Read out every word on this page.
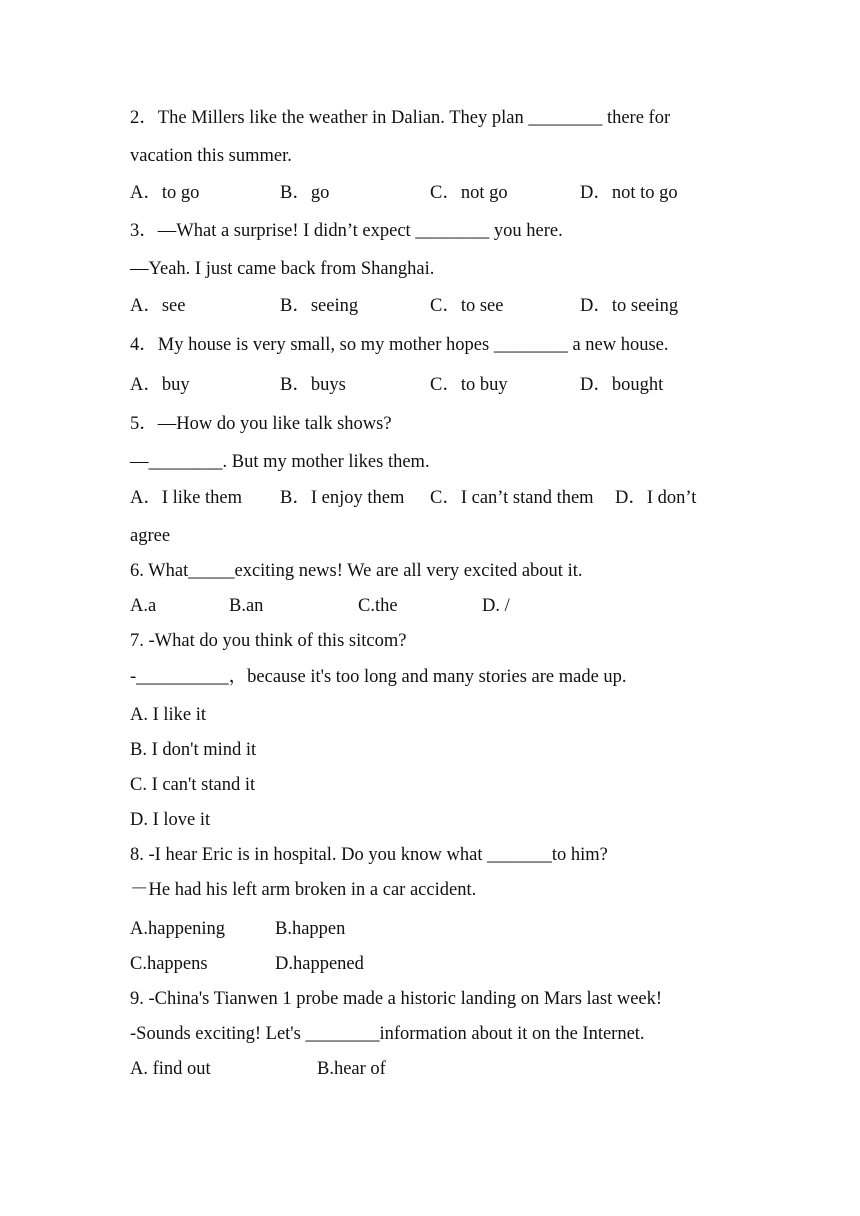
2．The Millers like the weather in Dalian. They plan ________ there for
vacation this summer.
A．to go	B．go	C．not go	D．not to go
3．—What a surprise! I didn’t expect ________ you here.
—Yeah. I just came back from Shanghai.
A．see	B．seeing	C．to see	D．to seeing
4．My house is very small, so my mother hopes ________ a new house.
A．buy	B．buys	C．to buy	D．bought
5．—How do you like talk shows?
—________. But my mother likes them.
A．I like them B．I enjoy them C．I can’t stand them D．I don’t
agree
6. What_____exciting news! We are all very excited about it.
A.a	B.an	C.the	D. /
7. -What do you think of this sitcom?
-__________，because it's too long and many stories are made up.
A. I like it
B. I don't mind it
C. I can't stand it
D. I love it
8. -I hear Eric is in hospital. Do you know what _______to him?
－He had his left arm broken in a car accident.
A.happening	B.happen
C.happens	D.happened
9. -China's Tianwen 1 probe made a historic landing on Mars last week!
-Sounds exciting! Let's ________information about it on the Internet.
A. find out	B.hear of
